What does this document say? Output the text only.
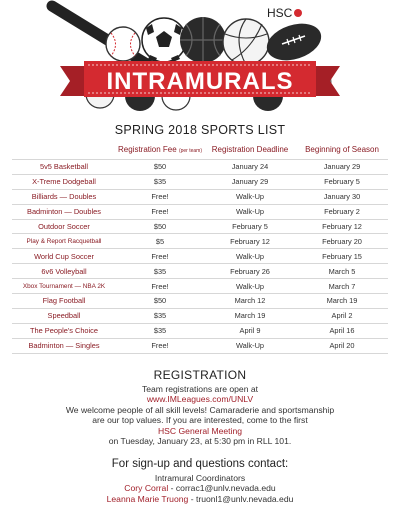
INTRAMURALS
HSC
SPRING 2018 SPORTS LIST
	Registration Fee (per team)	Registration Deadline	Beginning of Season
5v5 Basketball	$50	January 24	January 29
X-Treme Dodgeball	$35	January 29	February 5
Billiards — Doubles	Free!	Walk-Up	January 30
Badminton — Doubles	Free!	Walk-Up	February 2
Outdoor Soccer	$50	February 5	February 12
Play & Report Racquetball	$5	February 12	February 20
World Cup Soccer	Free!	Walk-Up	February 15
6v6 Volleyball	$35	February 26	March 5
Xbox Tournament — NBA 2K	Free!	Walk-Up	March 7
Flag Football	$50	March 12	March 19
Speedball	$35	March 19	April 2
The People's Choice	$35	April 9	April 16
Badminton — Singles	Free!	Walk-Up	April 20
REGISTRATION

Team registrations are open at

www.IMLeagues.com/UNLV

We welcome people of all skill levels! Camaraderie and sportsmanship

are our top values. If you are interested, come to the first

HSC General Meeting

on Tuesday, January 23, at 5:30 pm in RLL 101.

For sign-up and questions contact:

Intramural Coordinators

Cory Corral - corrac1@unlv.nevada.edu

Leanna Marie Truong - truonl1@unlv.nevada.edu
